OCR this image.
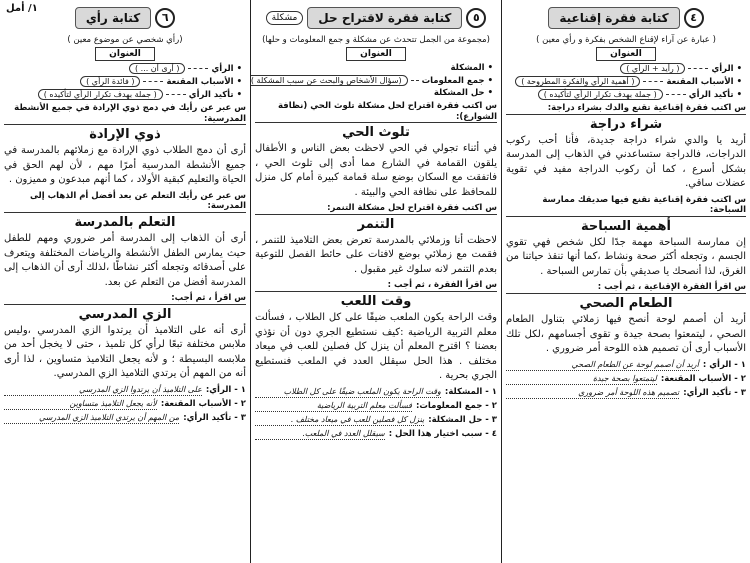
١/ أمل
٤
كتابة فقرة إقناعية
( عبارة عن آراء لإقناع الشخص بفكرة و رأي معين )
العنوان
• الرأي
( رأيد + الرأي )
• الأسباب المقنعة
( أهمية الرأي والفكرة المطروحة )
• تأكيد الرأي
( جملة بهدف تكرار الرأي لتأكيده )
س اكتب فقرة إقناعية تقنع والدك بشراء دراجة:
شراء دراجة
أريد يا والدي شراء دراجة جديدة، فأنا أحب ركوب الدراجات، فالدراجة ستساعدني في الذهاب إلى المدرسة بشكل أسرع ، كما أن ركوب الدراجة مفيد في تقوية عضلات ساقي.
س اكتب فقرة إقناعية تقنع فيها صديقك ممارسة السباحة:
أهمية السباحة
إن ممارسة السباحة مهمة جدًا لكل شخص فهي تقوي الجسم ، وتجعله أكثر صحة ونشاط ،كما أنها تنقذ حياتنا من الغرق، لذا أنصحك يا صديقي بأن تمارس السباحة .
س اقرأ الفقرة الإقناعية ، ثم أجب :
الطعام الصحي
أريد أن أصمم لوحة أنصح فيها زملائي بتناول الطعام الصحي ، ليتمعتوا بصحة جيدة و تقوى أجسامهم ،لكل تلك الأسباب أرى أن تصميم هذه اللوحة أمر ضروري .
١ - الرأي :
أريد أن أصمم لوحة عن الطعام الصحي
٢ - الأسباب المقنعة:
ليتمتعوا بصحة جيدة
٣ - تأكيد الرأي:
تصميم هذه اللوحة أمر ضروري
٥
كتابة فقرة لاقتراح حل
مشكلة
(مجموعة من الجمل تتحدث عن مشكلة و جمع المعلومات و حلها)
العنوان
• المشكلة
• جمع المعلومات
(سؤال الأشخاص والبحث عن سبب المشكلة )
• حل المشكلة
س اكتب فقرة اقتراح لحل مشكلة تلوث الحي (نظافة الشوارع):
تلوث الحي
في أثناء تجولي في الحي لاحظت بعض الناس و الأطفال يلقون القمامة في الشارع مما أدى إلى تلوث الحي ، فاتفقت مع السكان بوضع سلة قمامة كبيرة أمام كل منزل للمحافظ على نظافة الحي والبيئة .
س اكتب فقرة اقتراح لحل مشكلة التنمر:
التنمر
لاحظت أنا وزملائي بالمدرسة تعرض بعض التلاميذ للتنمر ، فقمت مع زملائي بوضع لافتات على حائط الفصل للتوعية بعدم التنمر لانه سلوك غير مقبول .
س اقرأ الفقرة ، ثم أجب :
وقت اللعب
وقت الراحة يكون الملعب ضيقًا على كل الطلاب ، فسألت معلم التربية الرياضية :كيف نستطيع الجري دون أن نؤذي بعضنا ؟ اقترح المعلم أن ينزل كل فصلين للعب في ميعاد مختلف . هذا الحل سيقلل العدد في الملعب فنستطيع الجري بحرية .
١ - المشكلة:
وقت الراحة يكون الملعب ضيقًا على كل الطلاب
٢ - جمع المعلومات:
فسألت معلم التربية الرياضية
٣ - حل المشكلة:
ينزل كل فصلين للعب في ميعاد مختلف .
٤ - سبب اختيار هذا الحل :
سيقلل العدد في الملعب.
٦
كتابة رأي
(رأي شخصي عن موضوع معين )
العنوان
• الرأي
( أرى أن ... )
• الأسباب المقنعة
( فائدة الرأي )
• تأكيد الرأي
( جملة بهدف تكرار الرأي لتأكيده )
س عبر عن رأيك في دمج ذوي الإرادة في جميع الأنشطة المدرسية:
ذوي الإرادة
أرى أن دمج الطلاب ذوي الإرادة مع زملائهم بالمدرسة في جميع الأنشطة المدرسية أمرًا مهم ، لأن لهم الحق في الحياة والتعليم كبقية الأولاد ، كما أنهم مبدعون و مميزون .
س عبر عن رأيك التعلم عن بعد أفضل أم الذهاب إلى المدرسة:
التعلم بالمدرسة
أرى أن الذهاب إلى المدرسة أمر ضروري ومهم للطفل حيث يمارس الطفل الأنشطة والرياضات المختلفة ويتعرف على أصدقائه وتجعله أكثر نشاطًا ،لذلك أرى أن الذهاب إلى المدرسة أفضل من التعلم عن بعد.
س اقرأ ، ثم أجب:
الزي المدرسي
أرى أنه على التلاميذ أن يرتدوا الزي المدرسي ،وليس ملابس مختلفة تبعًا لرأي كل تلميذ ، حتى لا يخجل أحد من ملابسه البسيطة ؛ و لأنه يجعل التلاميذ متساوين ، لذا أرى أنه من المهم أن يرتدي التلاميذ الزي المدرسي.
١ - الرأي:
على التلاميذ أن يرتدوا الزي المدرسي
٢ - الأسباب المقنعة:
لأنه يجعل التلاميذ متساوين
٣ - تأكيد الرأي:
من المهم أن يرتدي التلاميذ الزي المدرسي
